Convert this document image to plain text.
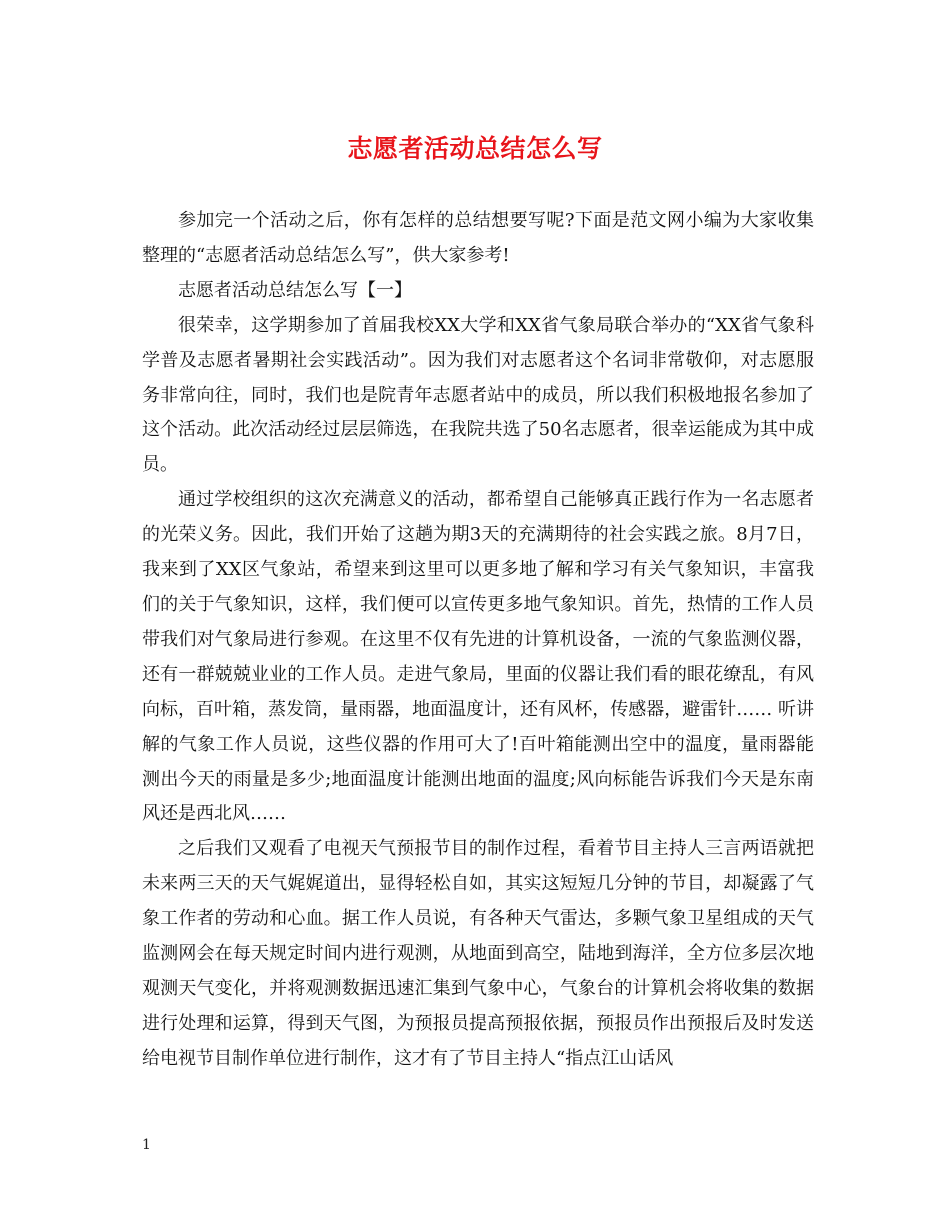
志愿者活动总结怎么写

参加完一个活动之后，你有怎样的总结想要写呢?下面是范文网小编为大家收集整理的“志愿者活动总结怎么写”，供大家参考!

志愿者活动总结怎么写【一】

很荣幸，这学期参加了首届我校XX大学和XX省气象局联合举办的“XX省气象科学普及志愿者暑期社会实践活动”。因为我们对志愿者这个名词非常敬仰，对志愿服务非常向往，同时，我们也是院青年志愿者站中的成员，所以我们积极地报名参加了这个活动。此次活动经过层层筛选，在我院共选了50名志愿者，很幸运能成为其中成员。

通过学校组织的这次充满意义的活动，都希望自己能够真正践行作为一名志愿者的光荣义务。因此，我们开始了这趟为期3天的充满期待的社会实践之旅。8月7日，我来到了XX区气象站，希望来到这里可以更多地了解和学习有关气象知识，丰富我们的关于气象知识，这样，我们便可以宣传更多地气象知识。首先，热情的工作人员带我们对气象局进行参观。在这里不仅有先进的计算机设备，一流的气象监测仪器，还有一群兢兢业业的工作人员。走进气象局，里面的仪器让我们看的眼花缭乱，有风向标，百叶箱，蒸发筒，量雨器，地面温度计，还有风杯，传感器，避雷针…… 听讲解的气象工作人员说，这些仪器的作用可大了!百叶箱能测出空中的温度，量雨器能测出今天的雨量是多少;地面温度计能测出地面的温度;风向标能告诉我们今天是东南风还是西北风……

之后我们又观看了电视天气预报节目的制作过程，看着节目主持人三言两语就把未来两三天的天气娓娓道出，显得轻松自如，其实这短短几分钟的节目，却凝露了气象工作者的劳动和心血。据工作人员说，有各种天气雷达，多颗气象卫星组成的天气监测网会在每天规定时间内进行观测，从地面到高空，陆地到海洋，全方位多层次地观测天气变化，并将观测数据迅速汇集到气象中心，气象台的计算机会将收集的数据进行处理和运算，得到天气图，为预报员提高预报依据，预报员作出预报后及时发送给电视节目制作单位进行制作，这才有了节目主持人“指点江山话风

1
